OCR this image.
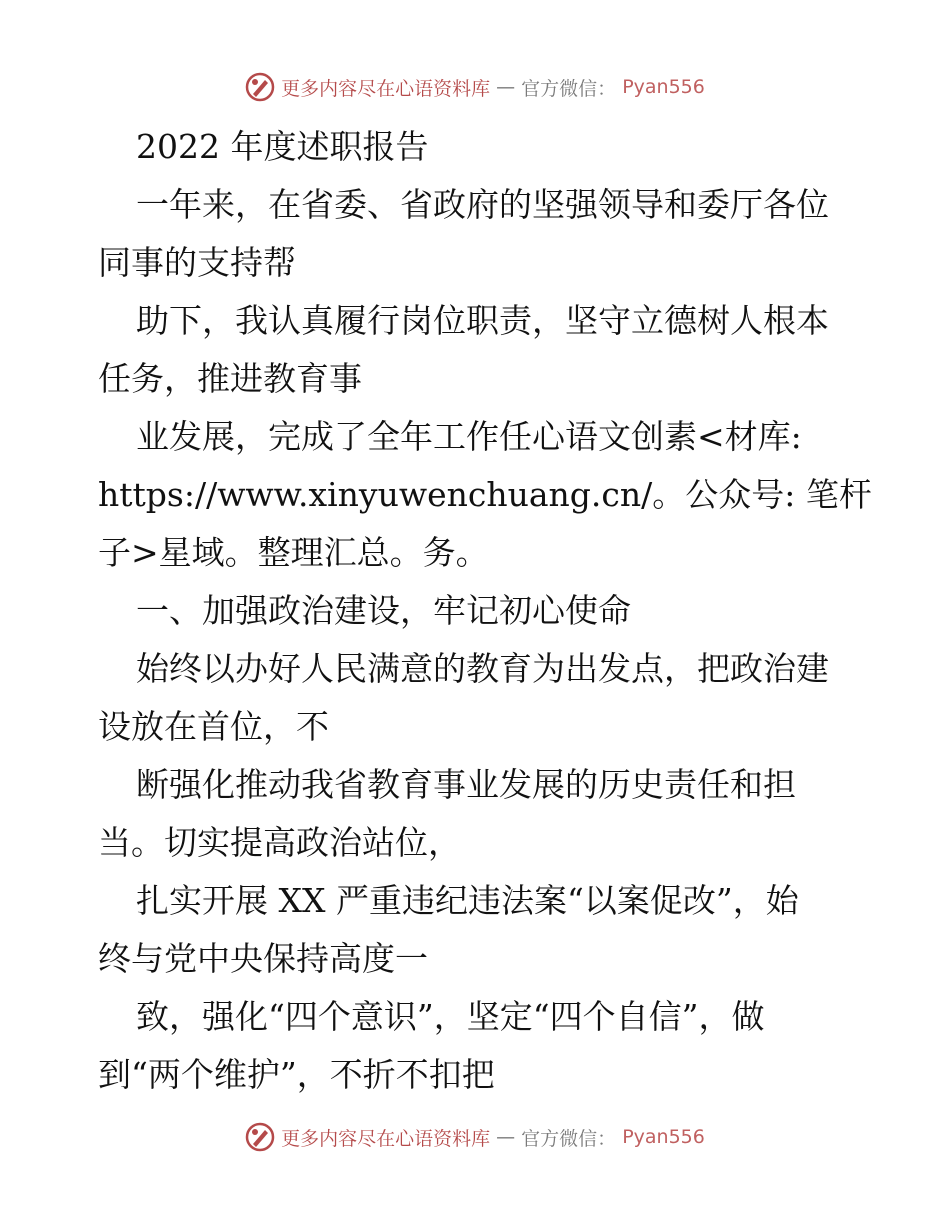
更多内容尽在心语资料库 — 官方微信： Pyan556
2022 年度述职报告
一年来，在省委、省政府的坚强领导和委厅各位
同事的支持帮
助下，我认真履行岗位职责，坚守立德树人根本
任务，推进教育事
业发展，完成了全年工作任心语文创素<材库:
https://www.xinyuwenchuang.cn/。公众号: 笔杆
子>星域。整理汇总。务。
一、加强政治建设，牢记初心使命
始终以办好人民满意的教育为出发点，把政治建
设放在首位，不
断强化推动我省教育事业发展的历史责任和担
当。切实提高政治站位，
扎实开展 XX 严重违纪违法案“以案促改”，始
终与党中央保持高度一
致，强化“四个意识”，坚定“四个自信”，做
到“两个维护”，不折不扣把
更多内容尽在心语资料库 — 官方微信： Pyan556
